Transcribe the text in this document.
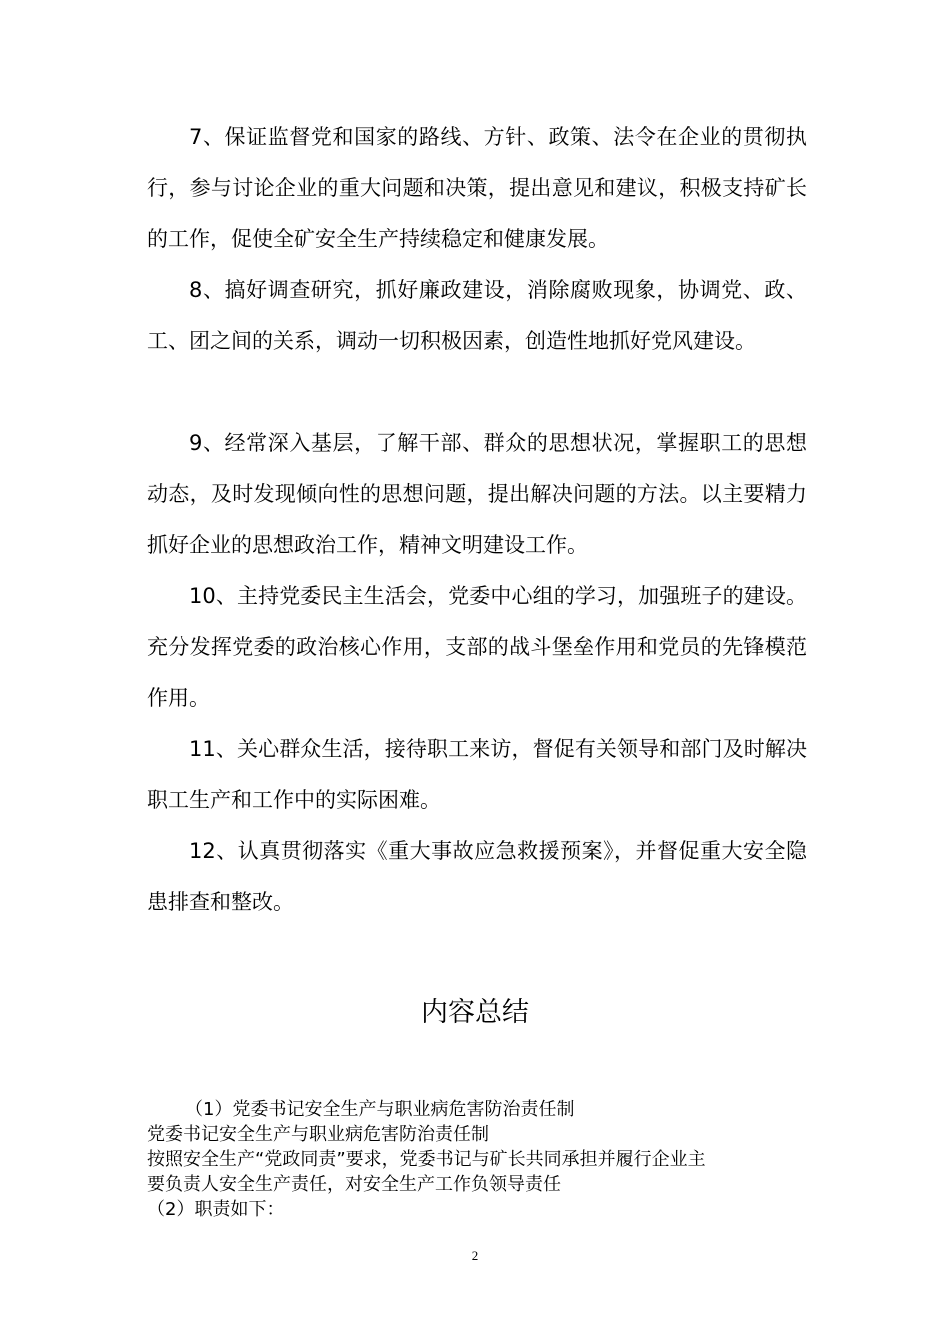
7、保证监督党和国家的路线、方针、政策、法令在企业的贯彻执行，参与讨论企业的重大问题和决策，提出意见和建议，积极支持矿长的工作，促使全矿安全生产持续稳定和健康发展。

8、搞好调查研究，抓好廉政建设，消除腐败现象，协调党、政、工、团之间的关系，调动一切积极因素，创造性地抓好党风建设。

9、经常深入基层，了解干部、群众的思想状况，掌握职工的思想动态，及时发现倾向性的思想问题，提出解决问题的方法。以主要精力抓好企业的思想政治工作，精神文明建设工作。

10、主持党委民主生活会，党委中心组的学习，加强班子的建设。充分发挥党委的政治核心作用，支部的战斗堡垒作用和党员的先锋模范作用。

11、关心群众生活，接待职工来访，督促有关领导和部门及时解决职工生产和工作中的实际困难。

12、认真贯彻落实《重大事故应急救援预案》，并督促重大安全隐患排查和整改。

内容总结
（1）党委书记安全生产与职业病危害防治责任制
党委书记安全生产与职业病危害防治责任制
按照安全生产“党政同责”要求，党委书记与矿长共同承担并履行企业主
要负责人安全生产责任，对安全生产工作负领导责任
（2）职责如下：
2
